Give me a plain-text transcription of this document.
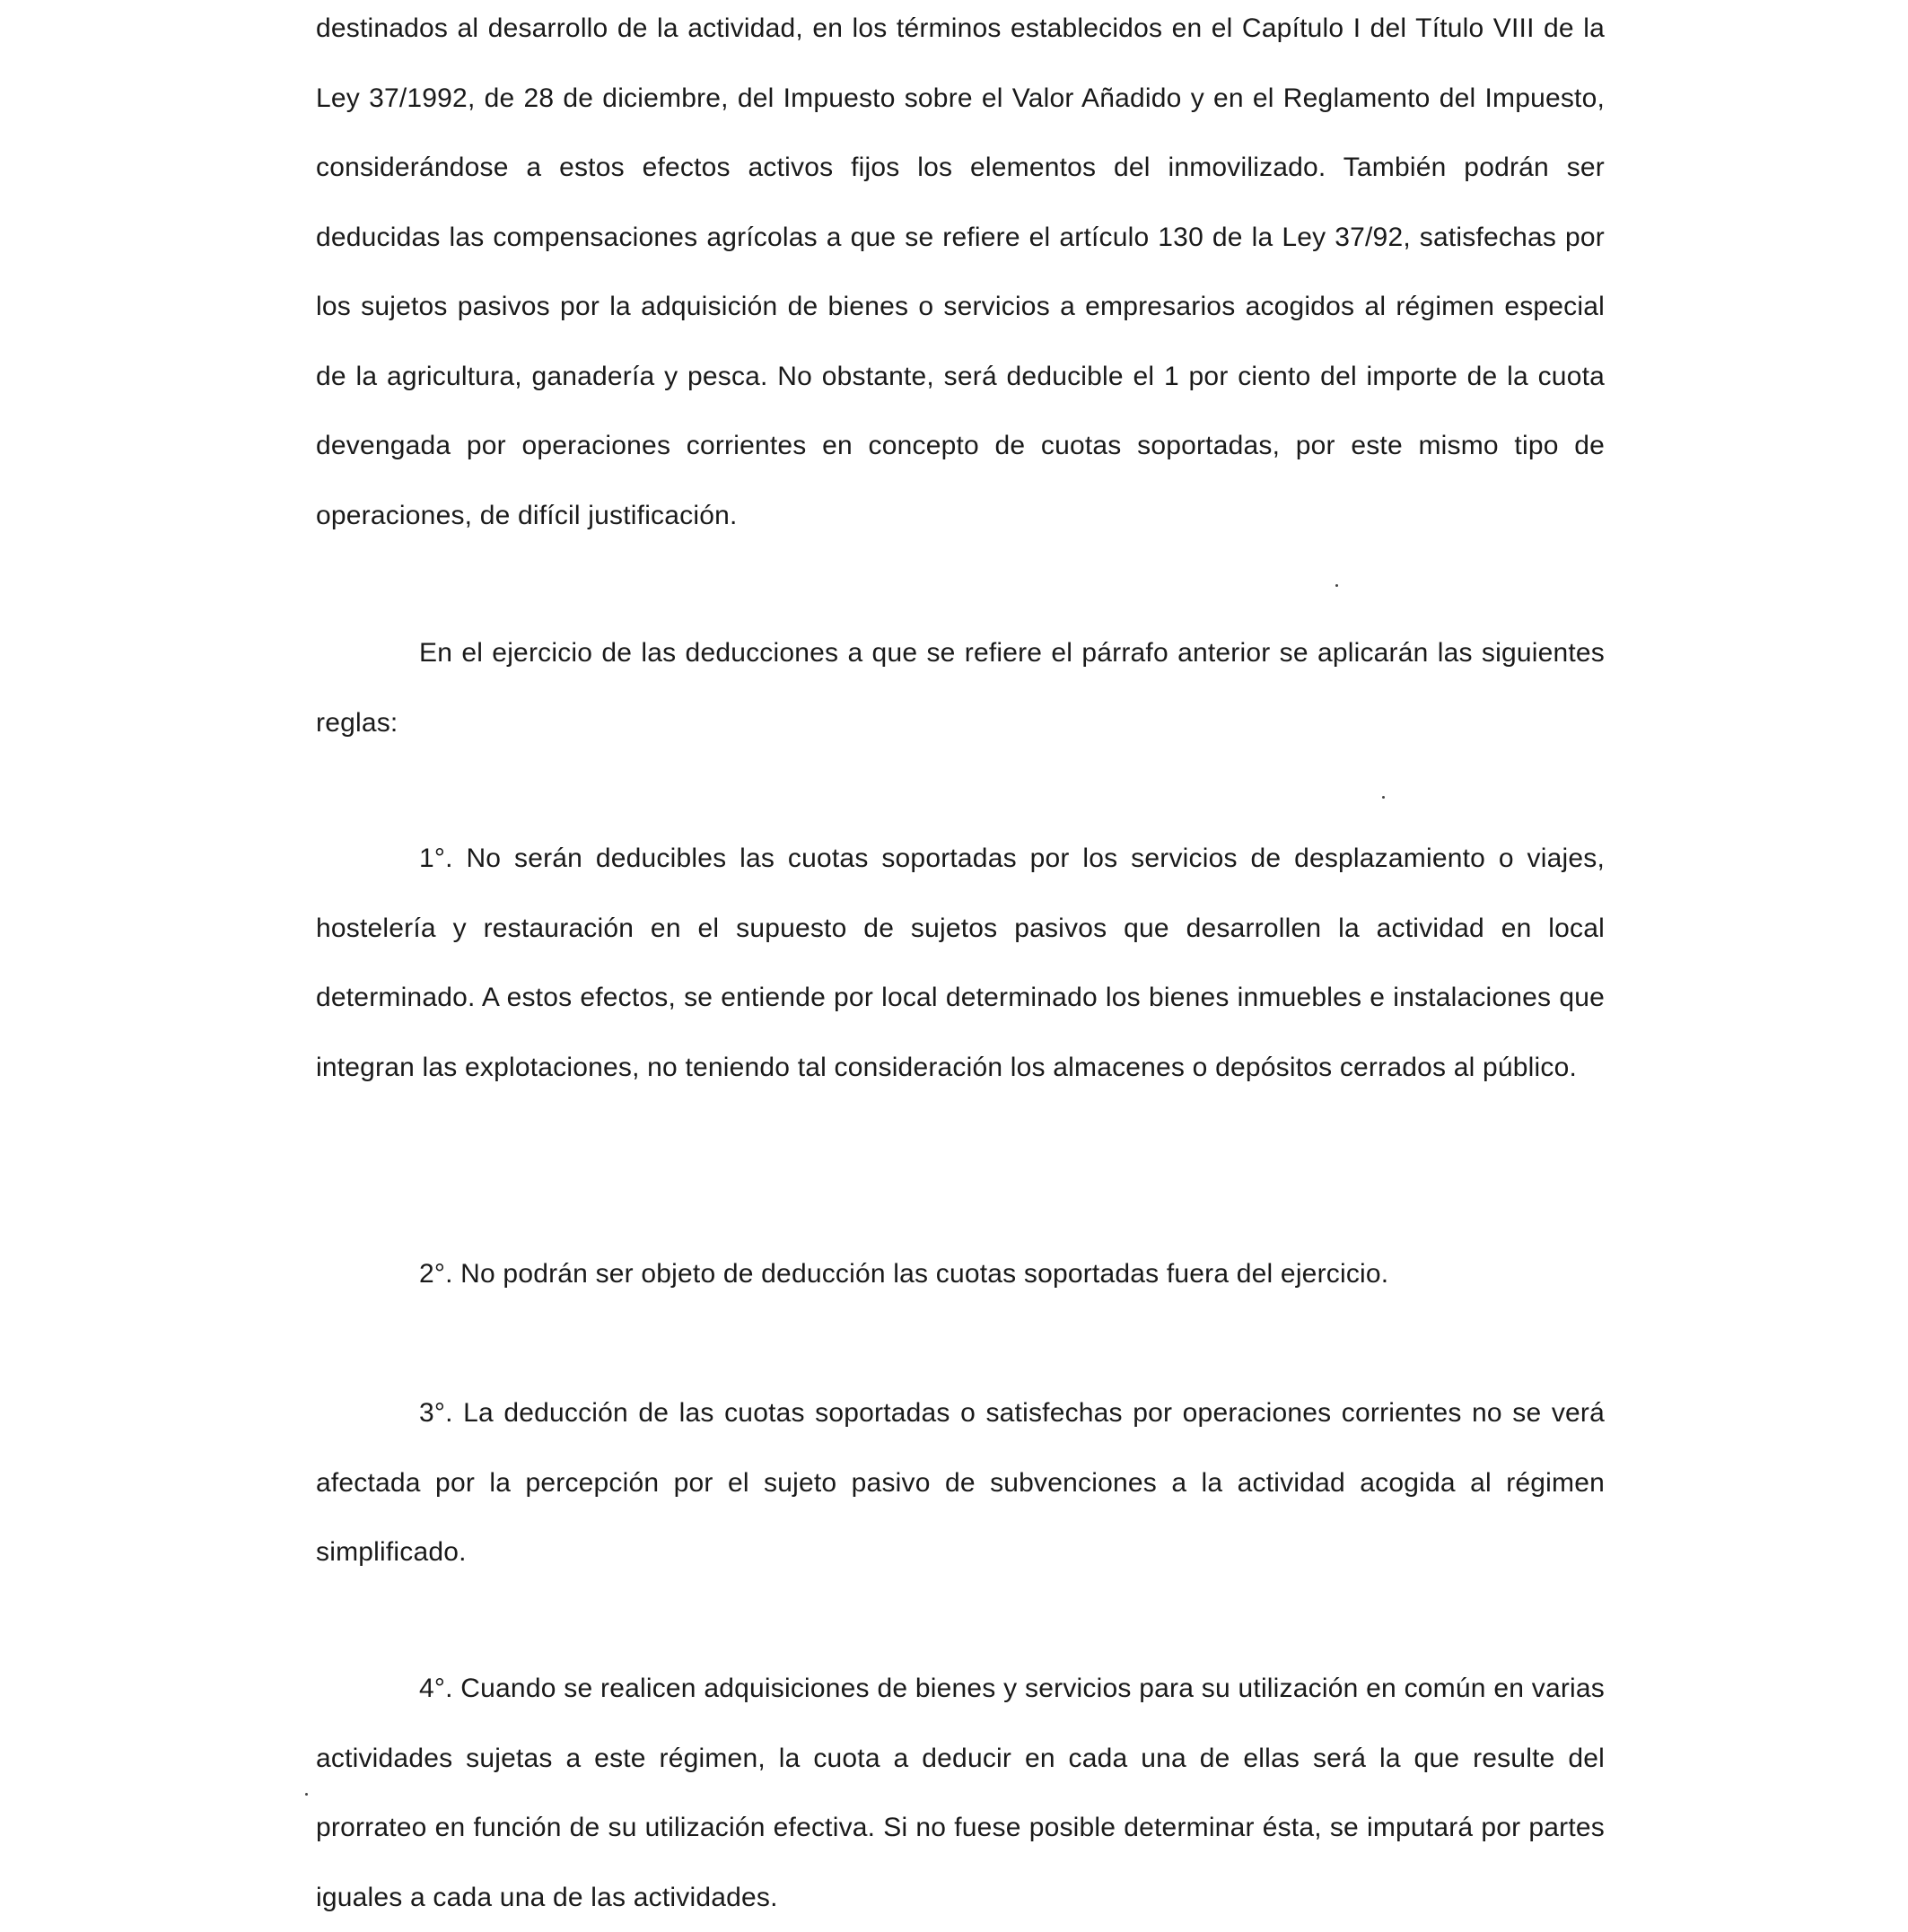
destinados al desarrollo de la actividad, en los términos establecidos en el Capítulo I del Título VIII de la Ley 37/1992, de 28 de diciembre, del Impuesto sobre el Valor Añadido y en el Reglamento del Impuesto, considerándose a estos efectos activos fijos los elementos del inmovilizado. También podrán ser deducidas las compensaciones agrícolas a que se refiere el artículo 130 de la Ley 37/92, satisfechas por los sujetos pasivos por la adquisición de bienes o servicios a empresarios acogidos al régimen especial de la agricultura, ganadería y pesca. No obstante, será deducible el 1 por ciento del importe de la cuota devengada por operaciones corrientes en concepto de cuotas soportadas, por este mismo tipo de operaciones, de difícil justificación.

En el ejercicio de las deducciones a que se refiere el párrafo anterior se aplicarán las siguientes reglas:

1°. No serán deducibles las cuotas soportadas por los servicios de desplazamiento o viajes, hostelería y restauración en el supuesto de sujetos pasivos que desarrollen la actividad en local determinado. A estos efectos, se entiende por local determinado los bienes inmuebles e instalaciones que integran las explotaciones, no teniendo tal consideración los almacenes o depósitos cerrados al público.

2°. No podrán ser objeto de deducción las cuotas soportadas fuera del ejercicio.

3°. La deducción de las cuotas soportadas o satisfechas por operaciones corrientes no se verá afectada por la percepción por el sujeto pasivo de subvenciones a la actividad acogida al régimen simplificado.

4°. Cuando se realicen adquisiciones de bienes y servicios para su utilización en común en varias actividades sujetas a este régimen, la cuota a deducir en cada una de ellas será la que resulte del prorrateo en función de su utilización efectiva. Si no fuese posible determinar ésta, se imputará por partes iguales a cada una de las actividades.
